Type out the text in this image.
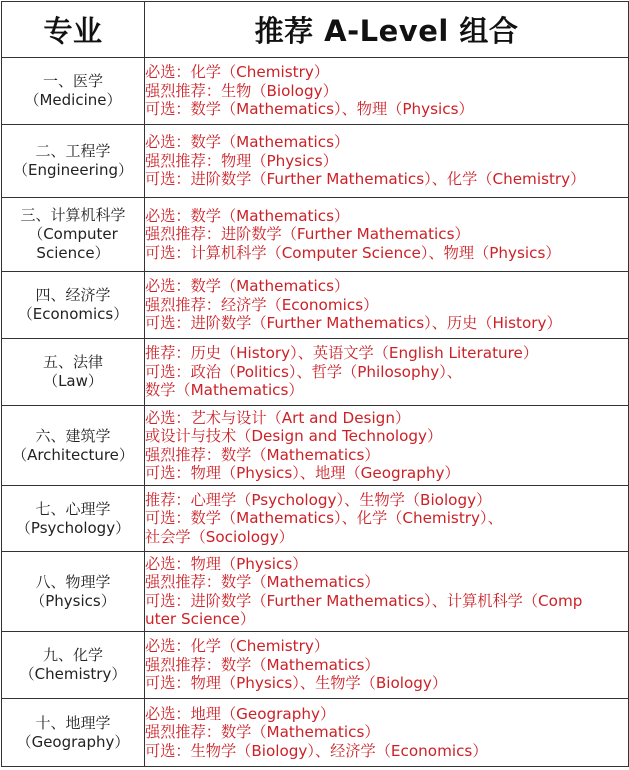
专业	推荐 A-Level 组合

一、医学
（Medicine）	必选：化学（Chemistry）
强烈推荐：生物（Biology）
可选：数学（Mathematics）、物理（Physics）

二、工程学
（Engineering）	必选：数学（Mathematics）
强烈推荐：物理（Physics）
可选：进阶数学（Further Mathematics）、化学（Chemistry）

三、计算机科学
（Computer
Science）	必选：数学（Mathematics）
强烈推荐：进阶数学（Further Mathematics）
可选：计算机科学（Computer Science）、物理（Physics）

四、经济学
（Economics）	必选：数学（Mathematics）
强烈推荐：经济学（Economics）
可选：进阶数学（Further Mathematics）、历史（History）

五、法律
（Law）	推荐：历史（History）、英语文学（English Literature）
可选：政治（Politics）、哲学（Philosophy）、
数学（Mathematics）

六、建筑学
（Architecture）	必选：艺术与设计（Art and Design）
或设计与技术（Design and Technology）
强烈推荐：数学（Mathematics）
可选：物理（Physics）、地理（Geography）

七、心理学
（Psychology）	推荐：心理学（Psychology）、生物学（Biology）
可选：数学（Mathematics）、化学（Chemistry）、
社会学（Sociology）

八、物理学
（Physics）	必选：物理（Physics）
强烈推荐：数学（Mathematics）
可选：进阶数学（Further Mathematics）、计算机科学（Comp
uter Science）

九、化学
（Chemistry）	必选：化学（Chemistry）
强烈推荐：数学（Mathematics）
可选：物理（Physics）、生物学（Biology）

十、地理学
（Geography）	必选：地理（Geography）
强烈推荐：数学（Mathematics）
可选：生物学（Biology）、经济学（Economics）
